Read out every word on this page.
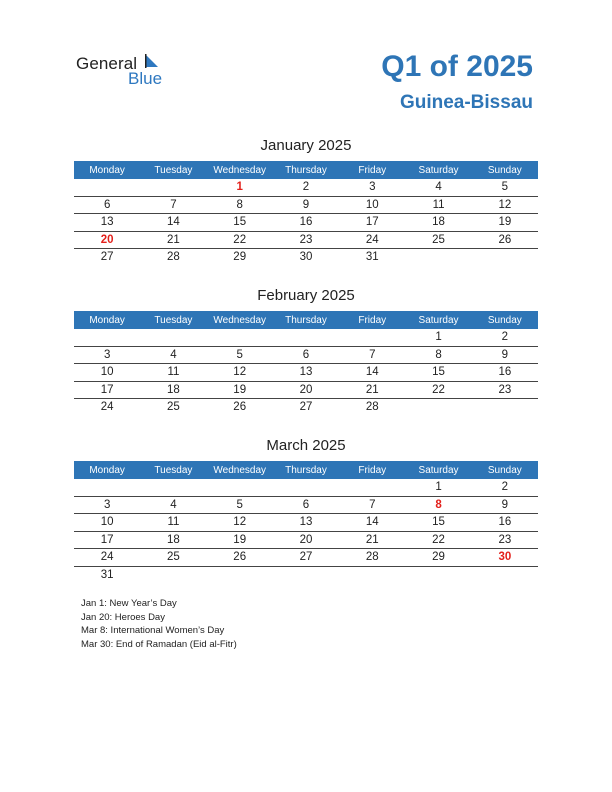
General
Blue	Q1 of 2025
Guinea-Bissau
January 2025
Monday	Tuesday	Wednesday	Thursday	Friday	Saturday	Sunday
		1	2	3	4	5
6	7	8	9	10	11	12
13	14	15	16	17	18	19
20	21	22	23	24	25	26
27	28	29	30	31		
February 2025
Monday	Tuesday	Wednesday	Thursday	Friday	Saturday	Sunday
					1	2
3	4	5	6	7	8	9
10	11	12	13	14	15	16
17	18	19	20	21	22	23
24	25	26	27	28		
March 2025
Monday	Tuesday	Wednesday	Thursday	Friday	Saturday	Sunday
					1	2
3	4	5	6	7	8	9
10	11	12	13	14	15	16
17	18	19	20	21	22	23
24	25	26	27	28	29	30
31						
Jan 1: New Year’s Day
Jan 20: Heroes Day
Mar 8: International Women’s Day
Mar 30: End of Ramadan (Eid al-Fitr)
